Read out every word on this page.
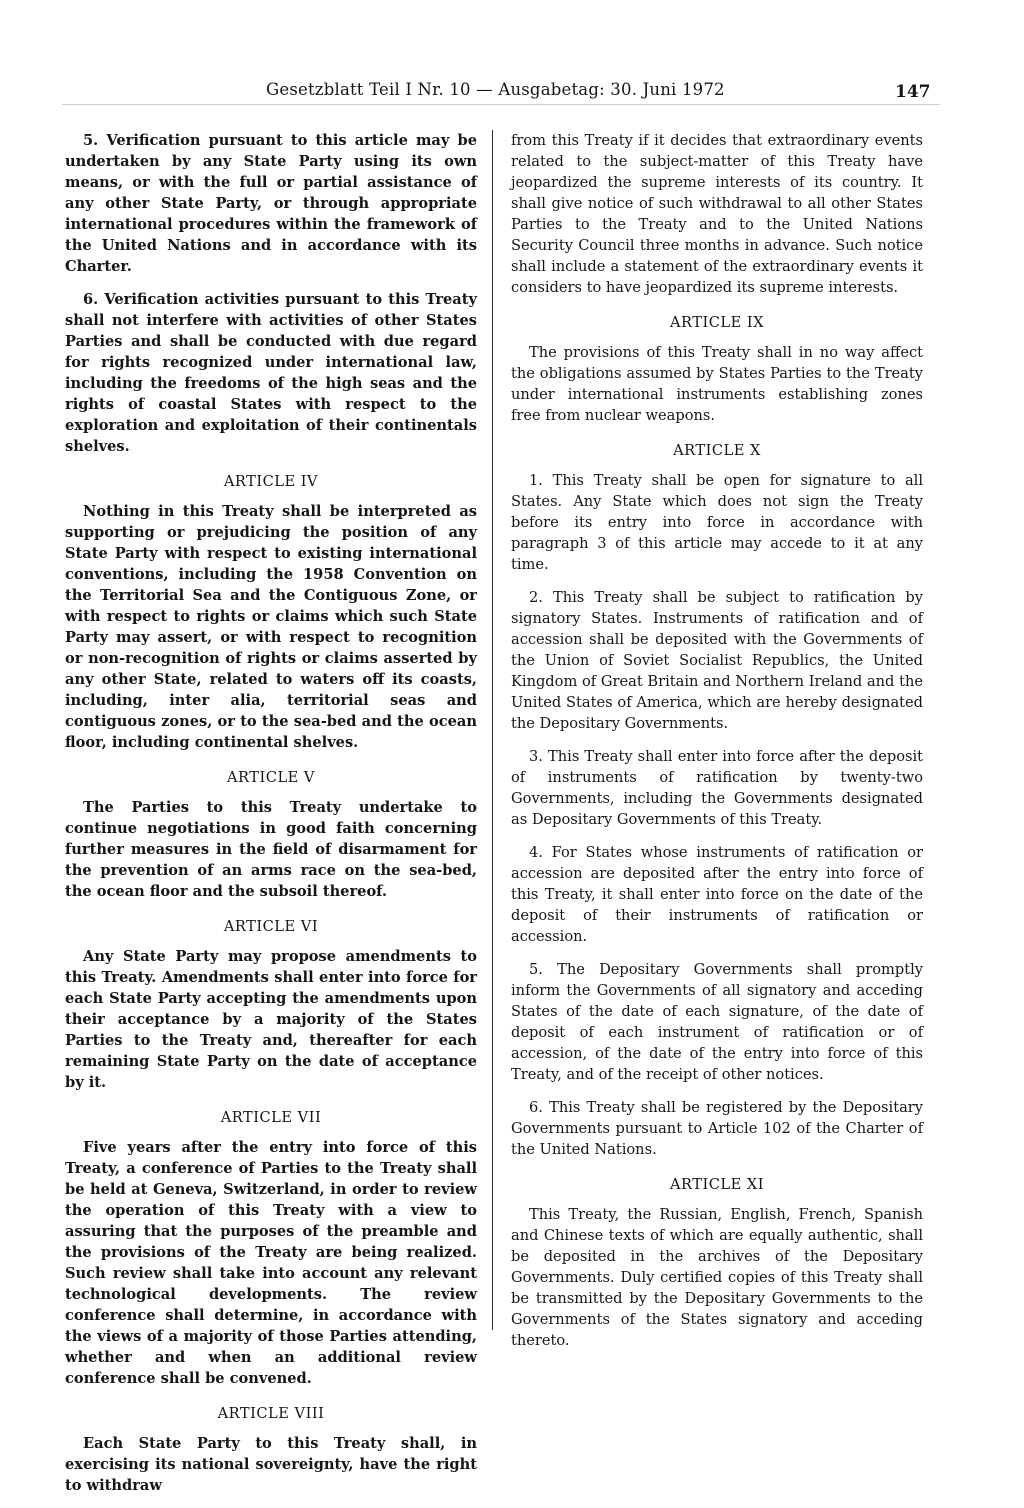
Gesetzblatt Teil I Nr. 10 — Ausgabetag: 30. Juni 1972	147

5. Verification pursuant to this article may be undertaken by any State Party using its own means, or with the full or partial assistance of any other State Party, or through appropriate international procedures within the framework of the United Nations and in accordance with its Charter.

6. Verification activities pursuant to this Treaty shall not interfere with activities of other States Parties and shall be conducted with due regard for rights recognized under international law, including the freedoms of the high seas and the rights of coastal States with respect to the exploration and exploitation of their continentals shelves.

ARTICLE IV

Nothing in this Treaty shall be interpreted as supporting or prejudicing the position of any State Party with respect to existing international conventions, including the 1958 Convention on the Territorial Sea and the Contiguous Zone, or with respect to rights or claims which such State Party may assert, or with respect to recognition or non-recognition of rights or claims asserted by any other State, related to waters off its coasts, including, inter alia, territorial seas and contiguous zones, or to the sea-bed and the ocean floor, including continental shelves.

ARTICLE V

The Parties to this Treaty undertake to continue negotiations in good faith concerning further measures in the field of disarmament for the prevention of an arms race on the sea-bed, the ocean floor and the subsoil thereof.

ARTICLE VI

Any State Party may propose amendments to this Treaty. Amendments shall enter into force for each State Party accepting the amendments upon their acceptance by a majority of the States Parties to the Treaty and, thereafter for each remaining State Party on the date of acceptance by it.

ARTICLE VII

Five years after the entry into force of this Treaty, a conference of Parties to the Treaty shall be held at Geneva, Switzerland, in order to review the operation of this Treaty with a view to assuring that the purposes of the preamble and the provisions of the Treaty are being realized. Such review shall take into account any relevant technological developments. The review conference shall determine, in accordance with the views of a majority of those Parties attending, whether and when an additional review conference shall be convened.

ARTICLE VIII

Each State Party to this Treaty shall, in exercising its national sovereignty, have the right to withdraw

from this Treaty if it decides that extraordinary events related to the subject-matter of this Treaty have jeopardized the supreme interests of its country. It shall give notice of such withdrawal to all other States Parties to the Treaty and to the United Nations Security Council three months in advance. Such notice shall include a statement of the extraordinary events it considers to have jeopardized its supreme interests.

ARTICLE IX

The provisions of this Treaty shall in no way affect the obligations assumed by States Parties to the Treaty under international instruments establishing zones free from nuclear weapons.

ARTICLE X

1. This Treaty shall be open for signature to all States. Any State which does not sign the Treaty before its entry into force in accordance with paragraph 3 of this article may accede to it at any time.

2. This Treaty shall be subject to ratification by signatory States. Instruments of ratification and of accession shall be deposited with the Governments of the Union of Soviet Socialist Republics, the United Kingdom of Great Britain and Northern Ireland and the United States of America, which are hereby designated the Depositary Governments.

3. This Treaty shall enter into force after the deposit of instruments of ratification by twenty-two Governments, including the Governments designated as Depositary Governments of this Treaty.

4. For States whose instruments of ratification or accession are deposited after the entry into force of this Treaty, it shall enter into force on the date of the deposit of their instruments of ratification or accession.

5. The Depositary Governments shall promptly inform the Governments of all signatory and acceding States of the date of each signature, of the date of deposit of each instrument of ratification or of accession, of the date of the entry into force of this Treaty, and of the receipt of other notices.

6. This Treaty shall be registered by the Depositary Governments pursuant to Article 102 of the Charter of the United Nations.

ARTICLE XI

This Treaty, the Russian, English, French, Spanish and Chinese texts of which are equally authentic, shall be deposited in the archives of the Depositary Governments. Duly certified copies of this Treaty shall be transmitted by the Depositary Governments to the Governments of the States signatory and acceding thereto.
